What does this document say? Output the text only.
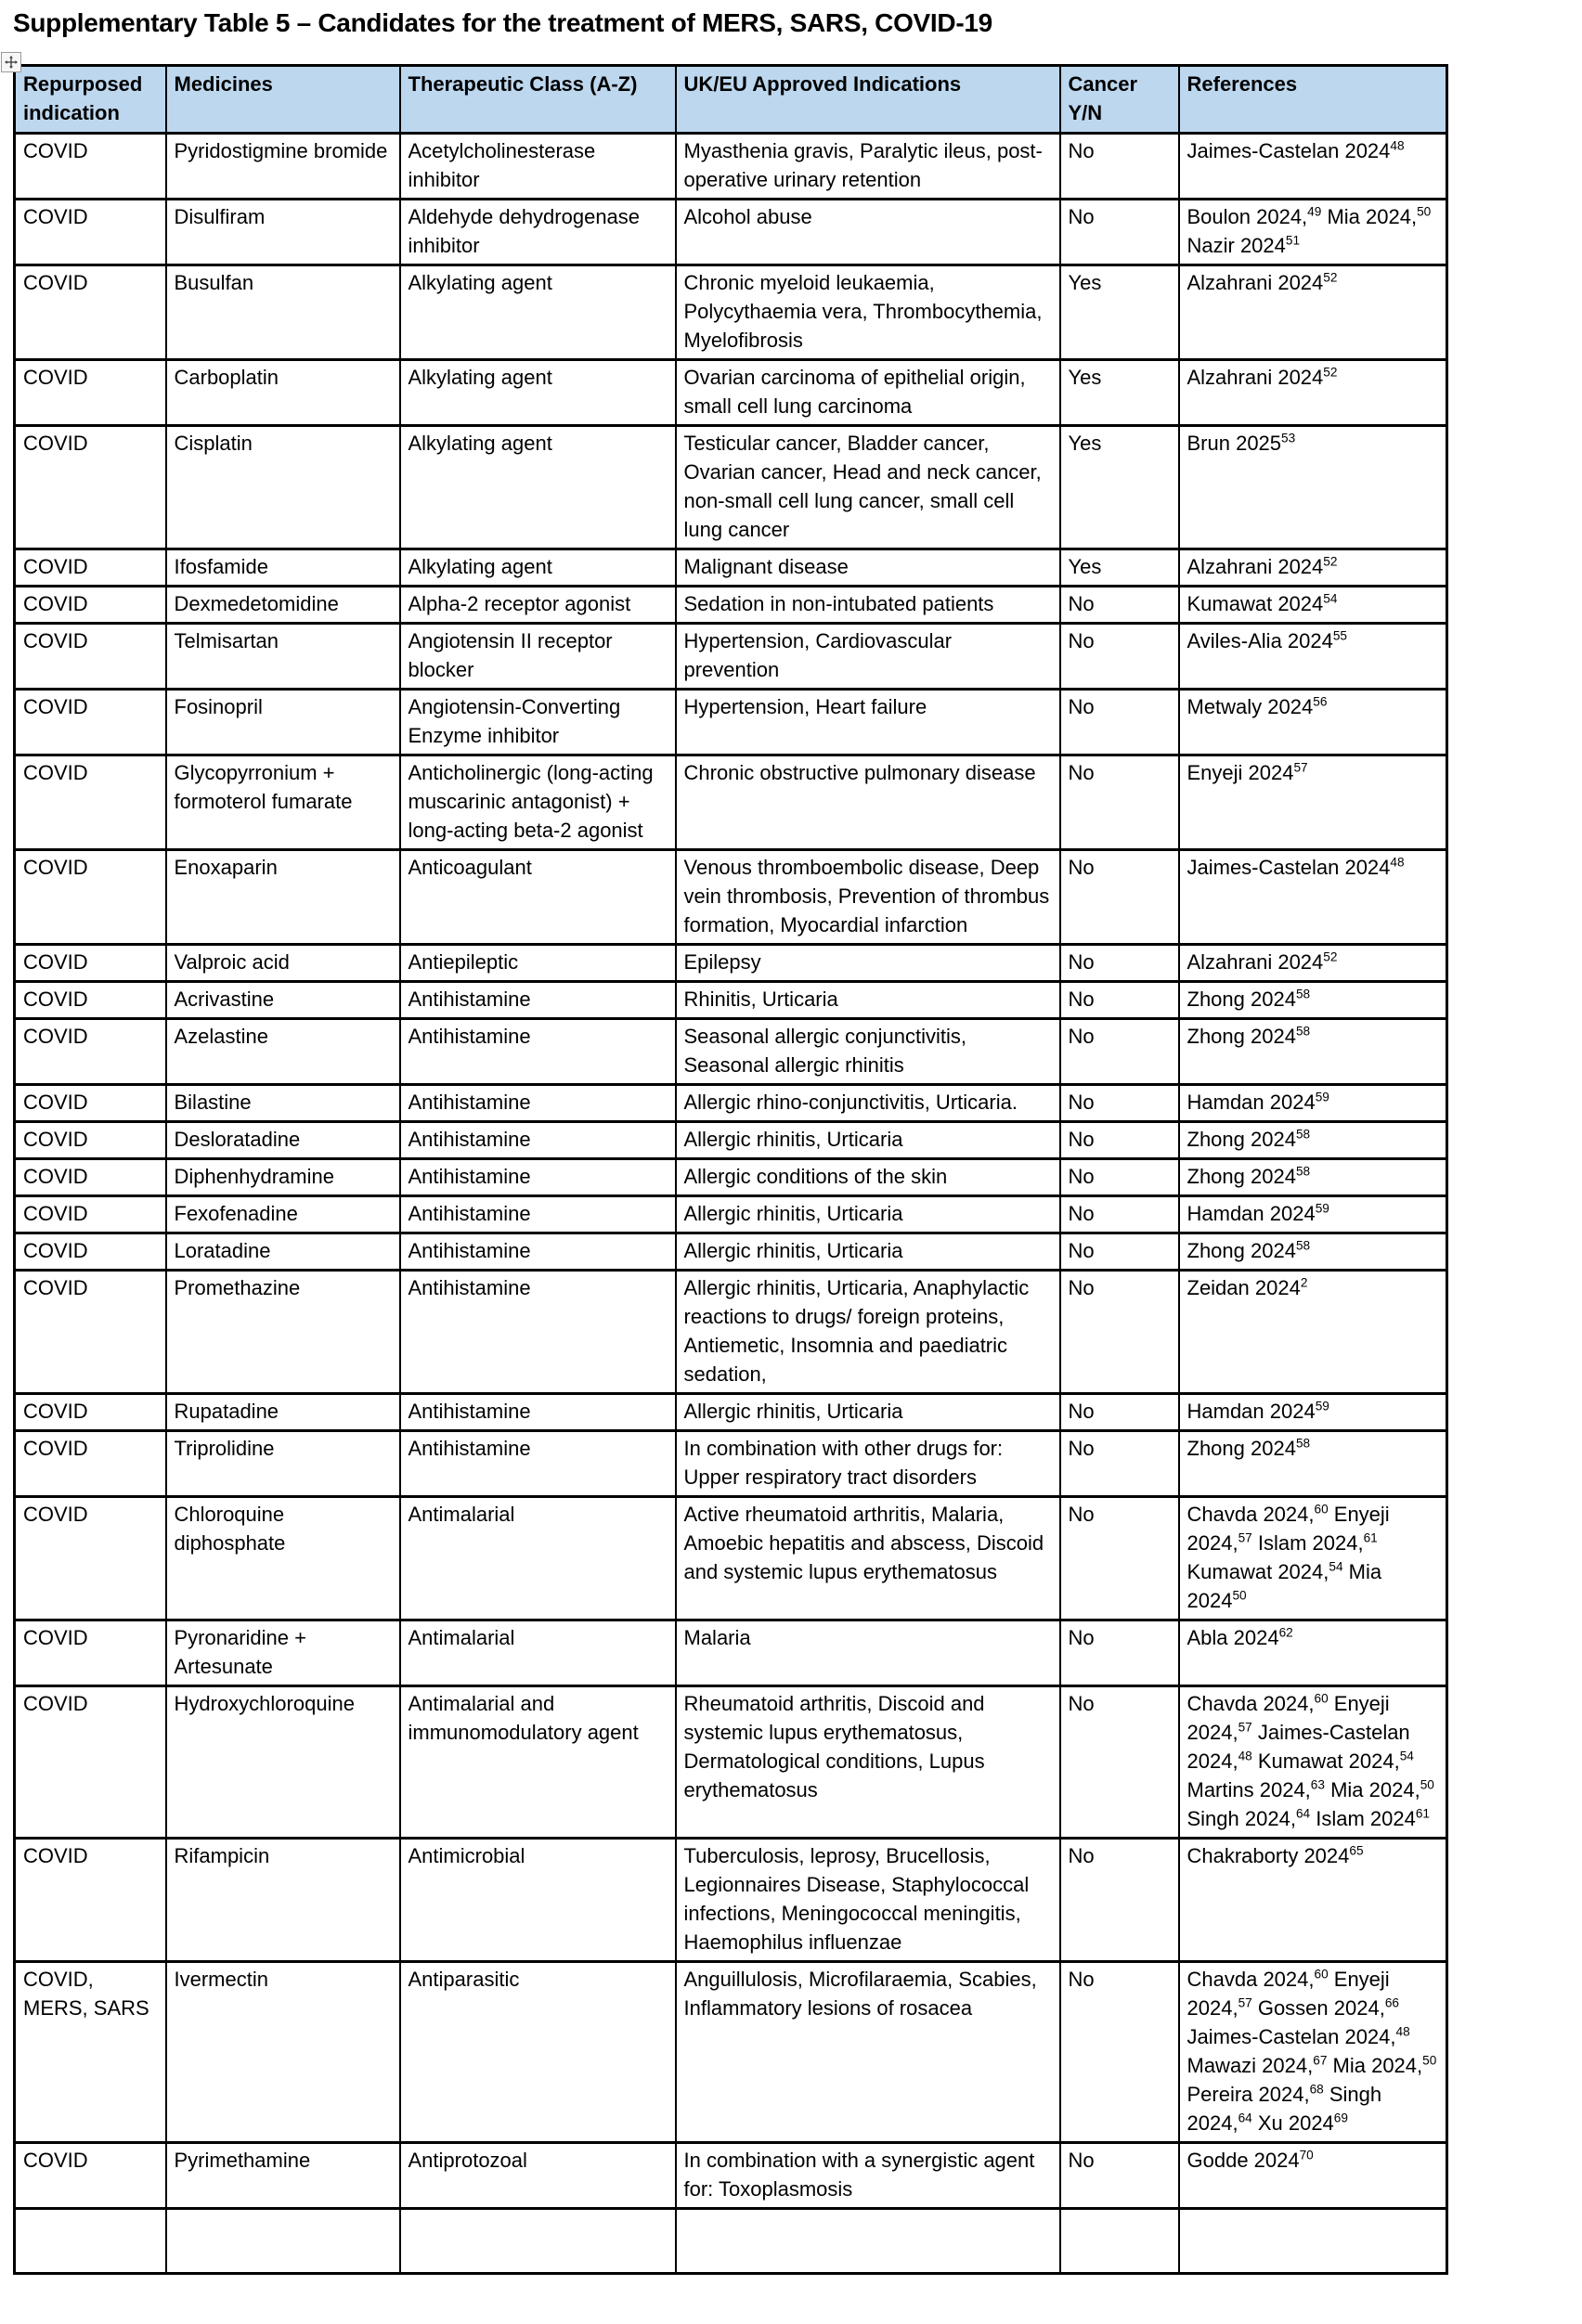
Supplementary Table 5 – Candidates for the treatment of MERS, SARS, COVID-19
Repurposed indication	Medicines	Therapeutic Class (A-Z)	UK/EU Approved Indications	Cancer Y/N	References
COVID	Pyridostigmine bromide	Acetylcholinesterase inhibitor	Myasthenia gravis, Paralytic ileus, post-operative urinary retention	No	Jaimes-Castelan 2024$^{48}$
COVID	Disulfiram	Aldehyde dehydrogenase inhibitor	Alcohol abuse	No	Boulon 2024,49 Mia 2024,50 Nazir 2024$^{51}$
COVID	Busulfan	Alkylating agent	Chronic myeloid leukaemia, Polycythaemia vera, Thrombocythemia, Myelofibrosis	Yes	Alzahrani 2024$^{52}$
COVID	Carboplatin	Alkylating agent	Ovarian carcinoma of epithelial origin, small cell lung carcinoma	Yes	Alzahrani 2024$^{52}$
COVID	Cisplatin	Alkylating agent	Testicular cancer, Bladder cancer, Ovarian cancer, Head and neck cancer, non-small cell lung cancer, small cell lung cancer	Yes	Brun 2025$^{53}$
COVID	Ifosfamide	Alkylating agent	Malignant disease	Yes	Alzahrani 2024$^{52}$
COVID	Dexmedetomidine	Alpha-2 receptor agonist	Sedation in non-intubated patients	No	Kumawat 2024$^{54}$
COVID	Telmisartan	Angiotensin II receptor blocker	Hypertension, Cardiovascular prevention	No	Aviles-Alia 2024$^{55}$
COVID	Fosinopril	Angiotensin-Converting Enzyme inhibitor	Hypertension, Heart failure	No	Metwaly 2024$^{56}$
COVID	Glycopyrronium + formoterol fumarate	Anticholinergic (long-acting muscarinic antagonist) + long-acting beta-2 agonist	Chronic obstructive pulmonary disease	No	Enyeji 2024$^{57}$
COVID	Enoxaparin	Anticoagulant	Venous thromboembolic disease, Deep vein thrombosis, Prevention of thrombus formation, Myocardial infarction	No	Jaimes-Castelan 2024$^{48}$
COVID	Valproic acid	Antiepileptic	Epilepsy	No	Alzahrani 2024$^{52}$
COVID	Acrivastine	Antihistamine	Rhinitis, Urticaria	No	Zhong 2024$^{58}$
COVID	Azelastine	Antihistamine	Seasonal allergic conjunctivitis, Seasonal allergic rhinitis	No	Zhong 2024$^{58}$
COVID	Bilastine	Antihistamine	Allergic rhino-conjunctivitis, Urticaria.	No	Hamdan 2024$^{59}$
COVID	Desloratadine	Antihistamine	Allergic rhinitis, Urticaria	No	Zhong 2024$^{58}$
COVID	Diphenhydramine	Antihistamine	Allergic conditions of the skin	No	Zhong 2024$^{58}$
COVID	Fexofenadine	Antihistamine	Allergic rhinitis, Urticaria	No	Hamdan 2024$^{59}$
COVID	Loratadine	Antihistamine	Allergic rhinitis, Urticaria	No	Zhong 2024$^{58}$
COVID	Promethazine	Antihistamine	Allergic rhinitis, Urticaria, Anaphylactic reactions to drugs/ foreign proteins, Antiemetic, Insomnia and paediatric sedation,	No	Zeidan 2024$^2$
COVID	Rupatadine	Antihistamine	Allergic rhinitis, Urticaria	No	Hamdan 2024$^{59}$
COVID	Triprolidine	Antihistamine	In combination with other drugs for: Upper respiratory tract disorders	No	Zhong 2024$^{58}$
COVID	Chloroquine diphosphate	Antimalarial	Active rheumatoid arthritis, Malaria, Amoebic hepatitis and abscess, Discoid and systemic lupus erythematosus	No	Chavda 2024,60 Enyeji 2024,57 Islam 2024,61 Kumawat 2024,54 Mia 2024$^{50}$
COVID	Pyronaridine + Artesunate	Antimalarial	Malaria	No	Abla 2024$^{62}$
COVID	Hydroxychloroquine	Antimalarial and immunomodulatory agent	Rheumatoid arthritis, Discoid and systemic lupus erythematosus, Dermatological conditions, Lupus erythematosus	No	Chavda 2024,60 Enyeji 2024,57 Jaimes-Castelan 2024,48 Kumawat 2024,54 Martins 2024,63 Mia 2024,50 Singh 2024,64 Islam 2024$^{61}$
COVID	Rifampicin	Antimicrobial	Tuberculosis, leprosy, Brucellosis, Legionnaires Disease, Staphylococcal infections, Meningococcal meningitis, Haemophilus influenzae	No	Chakraborty 2024$^{65}$
COVID, MERS, SARS	Ivermectin	Antiparasitic	Anguillulosis, Microfilaraemia, Scabies, Inflammatory lesions of rosacea	No	Chavda 2024,60 Enyeji 2024,57 Gossen 2024,66 Jaimes-Castelan 2024,48 Mawazi 2024,67 Mia 2024,50 Pereira 2024,68 Singh 2024,64 Xu 2024$^{69}$
COVID	Pyrimethamine	Antiprotozoal	In combination with a synergistic agent for: Toxoplasmosis	No	Godde 2024$^{70}$
